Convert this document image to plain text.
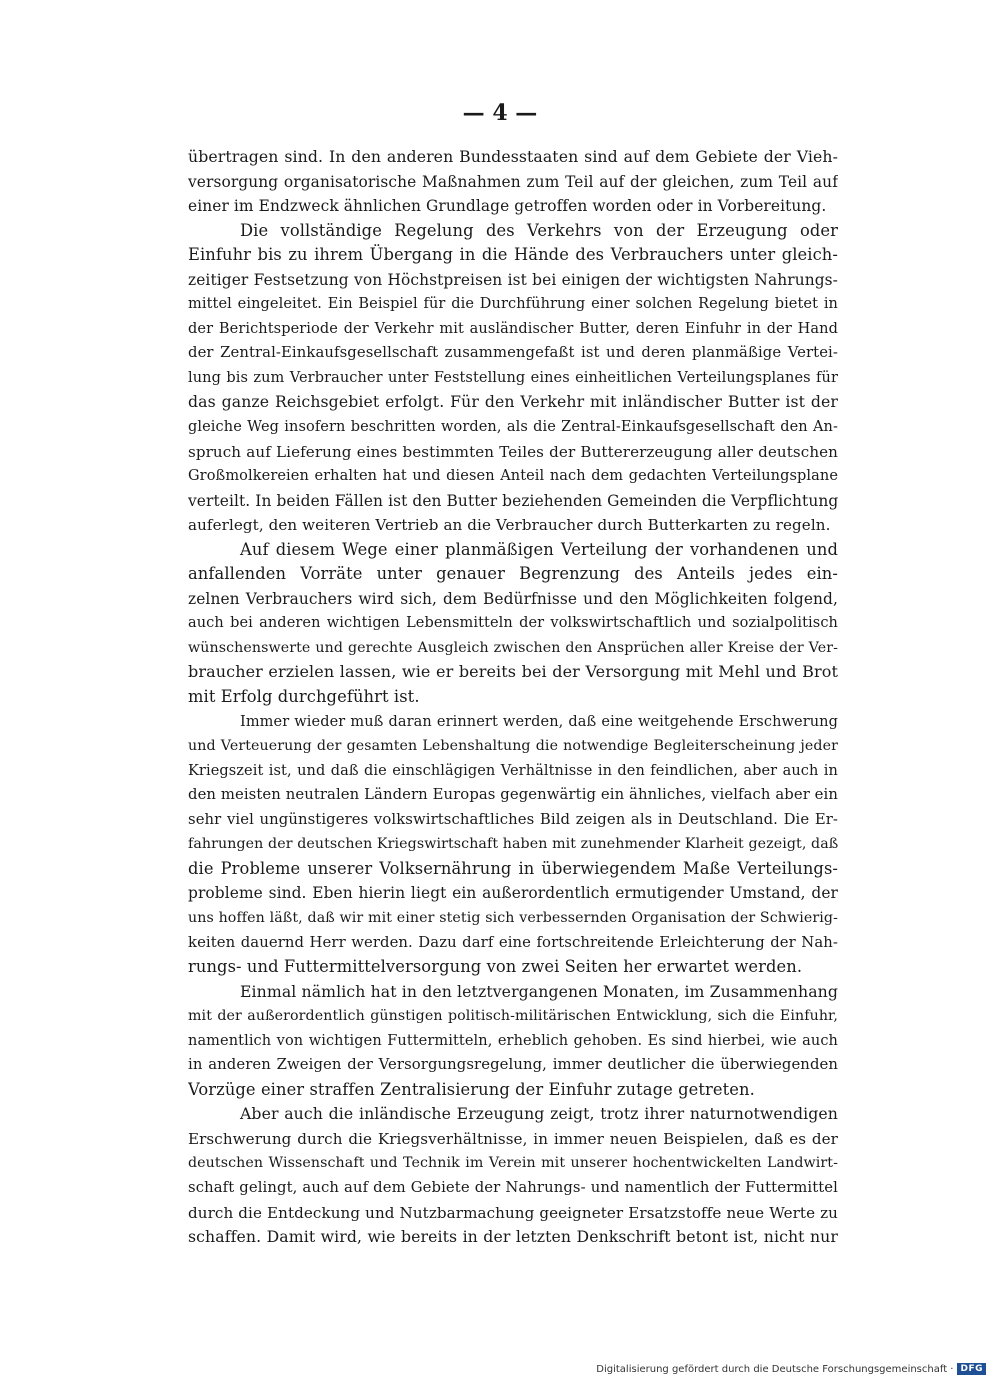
— 4 —
übertragen sind. In den anderen Bundesstaaten sind auf dem Gebiete der Vieh-
versorgung organisatorische Maßnahmen zum Teil auf der gleichen, zum Teil auf
einer im Endzweck ähnlichen Grundlage getroffen worden oder in Vorbereitung.
Die vollständige Regelung des Verkehrs von der Erzeugung oder
Einfuhr bis zu ihrem Übergang in die Hände des Verbrauchers unter gleich-
zeitiger Festsetzung von Höchstpreisen ist bei einigen der wichtigsten Nahrungs-
mittel eingeleitet. Ein Beispiel für die Durchführung einer solchen Regelung bietet in
der Berichtsperiode der Verkehr mit ausländischer Butter, deren Einfuhr in der Hand
der Zentral-Einkaufsgesellschaft zusammengefaßt ist und deren planmäßige Vertei-
lung bis zum Verbraucher unter Feststellung eines einheitlichen Verteilungsplanes für
das ganze Reichsgebiet erfolgt. Für den Verkehr mit inländischer Butter ist der
gleiche Weg insofern beschritten worden, als die Zentral-Einkaufsgesellschaft den An-
spruch auf Lieferung eines bestimmten Teiles der Buttererzeugung aller deutschen
Großmolkereien erhalten hat und diesen Anteil nach dem gedachten Verteilungsplane
verteilt. In beiden Fällen ist den Butter beziehenden Gemeinden die Verpflichtung
auferlegt, den weiteren Vertrieb an die Verbraucher durch Butterkarten zu regeln.
Auf diesem Wege einer planmäßigen Verteilung der vorhandenen und
anfallenden Vorräte unter genauer Begrenzung des Anteils jedes ein-
zelnen Verbrauchers wird sich, dem Bedürfnisse und den Möglichkeiten folgend,
auch bei anderen wichtigen Lebensmitteln der volkswirtschaftlich und sozialpolitisch
wünschenswerte und gerechte Ausgleich zwischen den Ansprüchen aller Kreise der Ver-
braucher erzielen lassen, wie er bereits bei der Versorgung mit Mehl und Brot
mit Erfolg durchgeführt ist.
Immer wieder muß daran erinnert werden, daß eine weitgehende Erschwerung
und Verteuerung der gesamten Lebenshaltung die notwendige Begleiterscheinung jeder
Kriegszeit ist, und daß die einschlägigen Verhältnisse in den feindlichen, aber auch in
den meisten neutralen Ländern Europas gegenwärtig ein ähnliches, vielfach aber ein
sehr viel ungünstigeres volkswirtschaftliches Bild zeigen als in Deutschland. Die Er-
fahrungen der deutschen Kriegswirtschaft haben mit zunehmender Klarheit gezeigt, daß
die Probleme unserer Volksernährung in überwiegendem Maße Verteilungs-
probleme sind. Eben hierin liegt ein außerordentlich ermutigender Umstand, der
uns hoffen läßt, daß wir mit einer stetig sich verbessernden Organisation der Schwierig-
keiten dauernd Herr werden. Dazu darf eine fortschreitende Erleichterung der Nah-
rungs- und Futtermittelversorgung von zwei Seiten her erwartet werden.
Einmal nämlich hat in den letztvergangenen Monaten, im Zusammenhang
mit der außerordentlich günstigen politisch-militärischen Entwicklung, sich die Einfuhr,
namentlich von wichtigen Futtermitteln, erheblich gehoben. Es sind hierbei, wie auch
in anderen Zweigen der Versorgungsregelung, immer deutlicher die überwiegenden
Vorzüge einer straffen Zentralisierung der Einfuhr zutage getreten.
Aber auch die inländische Erzeugung zeigt, trotz ihrer naturnotwendigen
Erschwerung durch die Kriegsverhältnisse, in immer neuen Beispielen, daß es der
deutschen Wissenschaft und Technik im Verein mit unserer hochentwickelten Landwirt-
schaft gelingt, auch auf dem Gebiete der Nahrungs- und namentlich der Futtermittel
durch die Entdeckung und Nutzbarmachung geeigneter Ersatzstoffe neue Werte zu
schaffen. Damit wird, wie bereits in der letzten Denkschrift betont ist, nicht nur
Digitalisierung gefördert durch die Deutsche Forschungsgemeinschaft · DFG
